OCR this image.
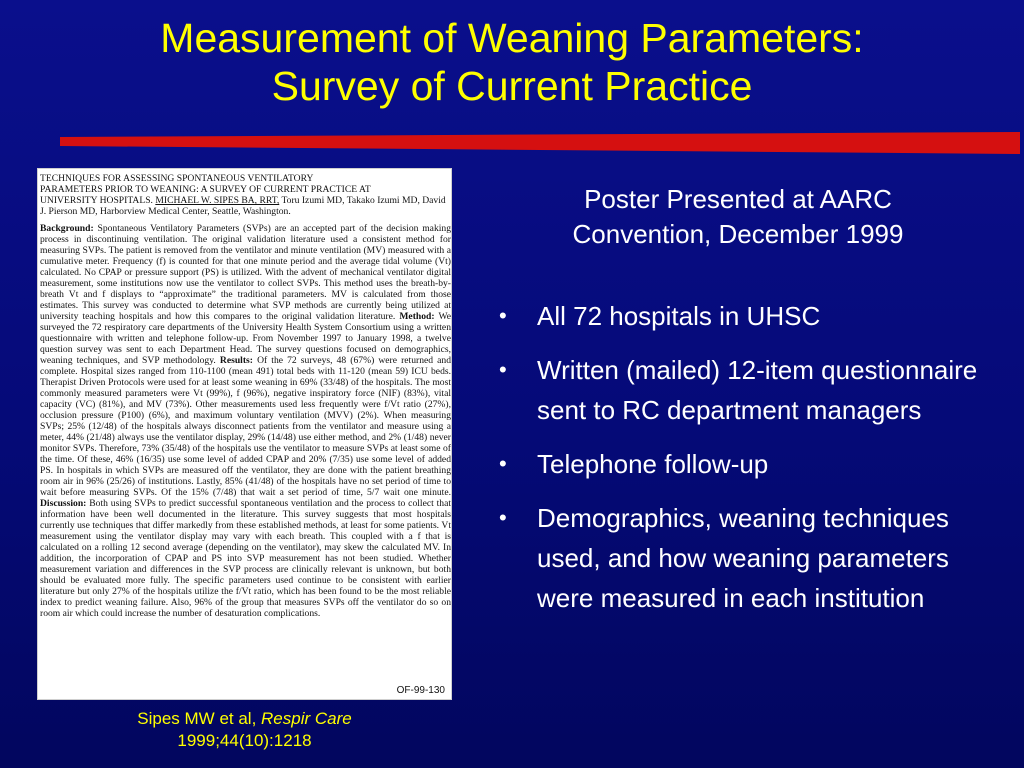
Measurement of Weaning Parameters:
Survey of Current Practice

TECHNIQUES FOR ASSESSING SPONTANEOUS VENTILATORY
PARAMETERS PRIOR TO WEANING: A SURVEY OF CURRENT PRACTICE AT
UNIVERSITY HOSPITALS. MICHAEL W. SIPES BA, RRT, Toru Izumi MD, Takako Izumi MD, David J. Pierson MD, Harborview Medical Center, Seattle, Washington.

Background: Spontaneous Ventilatory Parameters (SVPs) are an accepted part of the decision making process in discontinuing ventilation. The original validation literature used a consistent method for measuring SVPs. The patient is removed from the ventilator and minute ventilation (MV) measured with a cumulative meter. Frequency (f) is counted for that one minute period and the average tidal volume (Vt) calculated. No CPAP or pressure support (PS) is utilized. With the advent of mechanical ventilator digital measurement, some institutions now use the ventilator to collect SVPs. This method uses the breath-by-breath Vt and f displays to “approximate” the traditional parameters. MV is calculated from those estimates. This survey was conducted to determine what SVP methods are currently being utilized at university teaching hospitals and how this compares to the original validation literature. Method: We surveyed the 72 respiratory care departments of the University Health System Consortium using a written questionnaire with written and telephone follow-up. From November 1997 to January 1998, a twelve question survey was sent to each Department Head. The survey questions focused on demographics, weaning techniques, and SVP methodology. Results: Of the 72 surveys, 48 (67%) were returned and complete. Hospital sizes ranged from 110-1100 (mean 491) total beds with 11-120 (mean 59) ICU beds. Therapist Driven Protocols were used for at least some weaning in 69% (33/48) of the hospitals. The most commonly measured parameters were Vt (99%), f (96%), negative inspiratory force (NIF) (83%), vital capacity (VC) (81%), and MV (73%). Other measurements used less frequently were f/Vt ratio (27%), occlusion pressure (P100) (6%), and maximum voluntary ventilation (MVV) (2%). When measuring SVPs; 25% (12/48) of the hospitals always disconnect patients from the ventilator and measure using a meter, 44% (21/48) always use the ventilator display, 29% (14/48) use either method, and 2% (1/48) never monitor SVPs. Therefore, 73% (35/48) of the hospitals use the ventilator to measure SVPs at least some of the time. Of these, 46% (16/35) use some level of added CPAP and 20% (7/35) use some level of added PS. In hospitals in which SVPs are measured off the ventilator, they are done with the patient breathing room air in 96% (25/26) of institutions. Lastly, 85% (41/48) of the hospitals have no set period of time to wait before measuring SVPs. Of the 15% (7/48) that wait a set period of time, 5/7 wait one minute. Discussion: Both using SVPs to predict successful spontaneous ventilation and the process to collect that information have been well documented in the literature. This survey suggests that most hospitals currently use techniques that differ markedly from these established methods, at least for some patients. Vt measurement using the ventilator display may vary with each breath. This coupled with a f that is calculated on a rolling 12 second average (depending on the ventilator), may skew the calculated MV. In addition, the incorporation of CPAP and PS into SVP measurement has not been studied. Whether measurement variation and differences in the SVP process are clinically relevant is unknown, but both should be evaluated more fully. The specific parameters used continue to be consistent with earlier literature but only 27% of the hospitals utilize the f/Vt ratio, which has been found to be the most reliable index to predict weaning failure. Also, 96% of the group that measures SVPs off the ventilator do so on room air which could increase the number of desaturation complications.

OF-99-130
Sipes MW et al, Respir Care
1999;44(10):1218
Poster Presented at AARC
Convention, December 1999
• All 72 hospitals in UHSC
• Written (mailed) 12-item questionnaire sent to RC department managers
• Telephone follow-up
• Demographics, weaning techniques used, and how weaning parameters were measured in each institution
